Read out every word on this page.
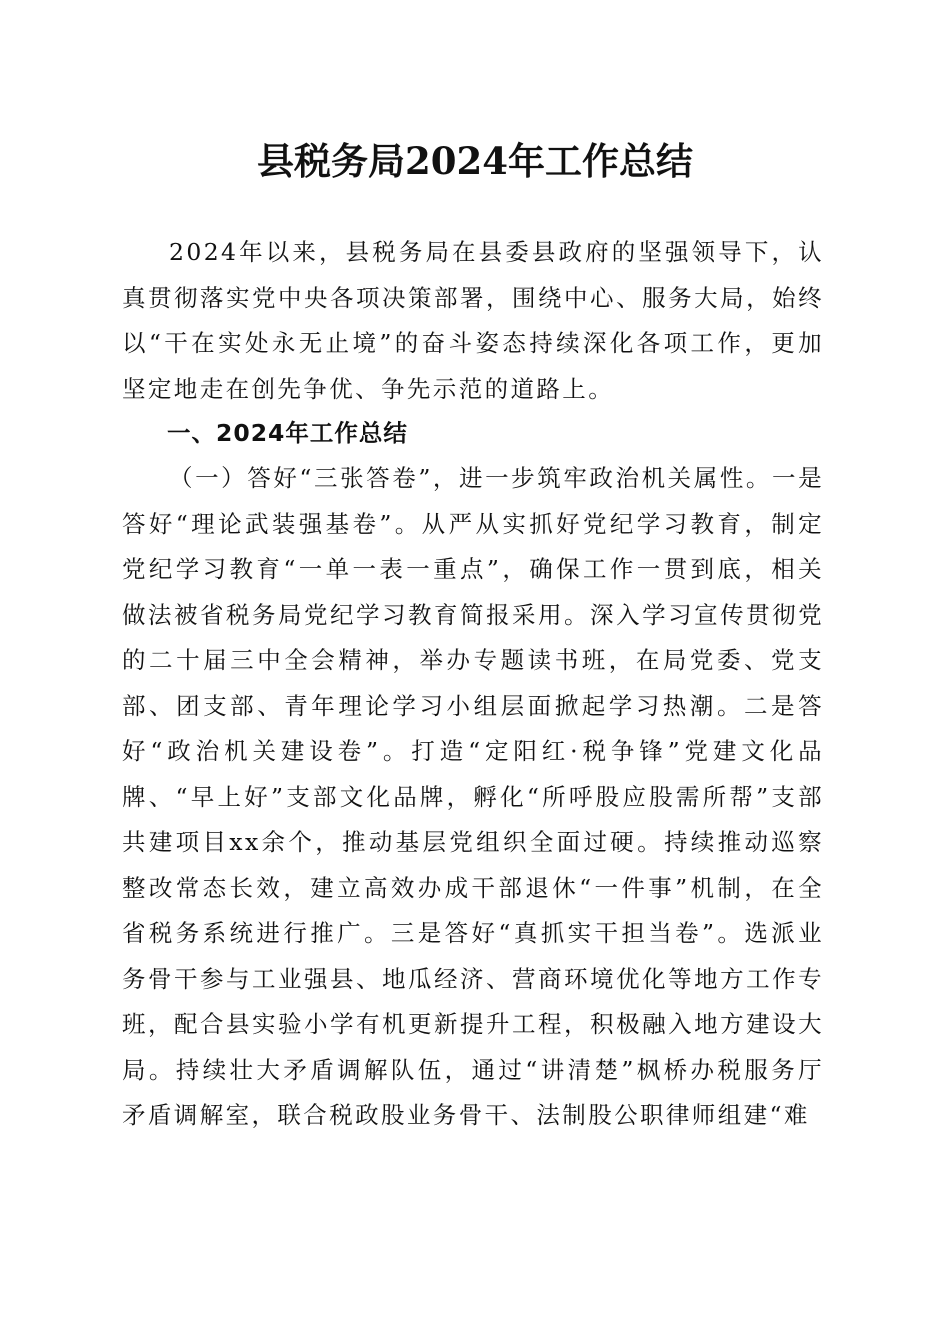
县税务局2024年工作总结

2024年以来，县税务局在县委县政府的坚强领导下，认真贯彻落实党中央各项决策部署，围绕中心、服务大局，始终以“干在实处永无止境”的奋斗姿态持续深化各项工作，更加坚定地走在创先争优、争先示范的道路上。

一、2024年工作总结

（一）答好“三张答卷”，进一步筑牢政治机关属性。一是答好“理论武装强基卷”。从严从实抓好党纪学习教育，制定党纪学习教育“一单一表一重点”，确保工作一贯到底，相关做法被省税务局党纪学习教育简报采用。深入学习宣传贯彻党的二十届三中全会精神，举办专题读书班，在局党委、党支部、团支部、青年理论学习小组层面掀起学习热潮。二是答好“政治机关建设卷”。打造“定阳红·税争锋”党建文化品牌、“早上好”支部文化品牌，孵化“所呼股应股需所帮”支部共建项目xx余个，推动基层党组织全面过硬。持续推动巡察整改常态长效，建立高效办成干部退休“一件事”机制，在全省税务系统进行推广。三是答好“真抓实干担当卷”。选派业务骨干参与工业强县、地瓜经济、营商环境优化等地方工作专班，配合县实验小学有机更新提升工程，积极融入地方建设大局。持续壮大矛盾调解队伍，通过“讲清楚”枫桥办税服务厅矛盾调解室，联合税政股业务骨干、法制股公职律师组建“难
